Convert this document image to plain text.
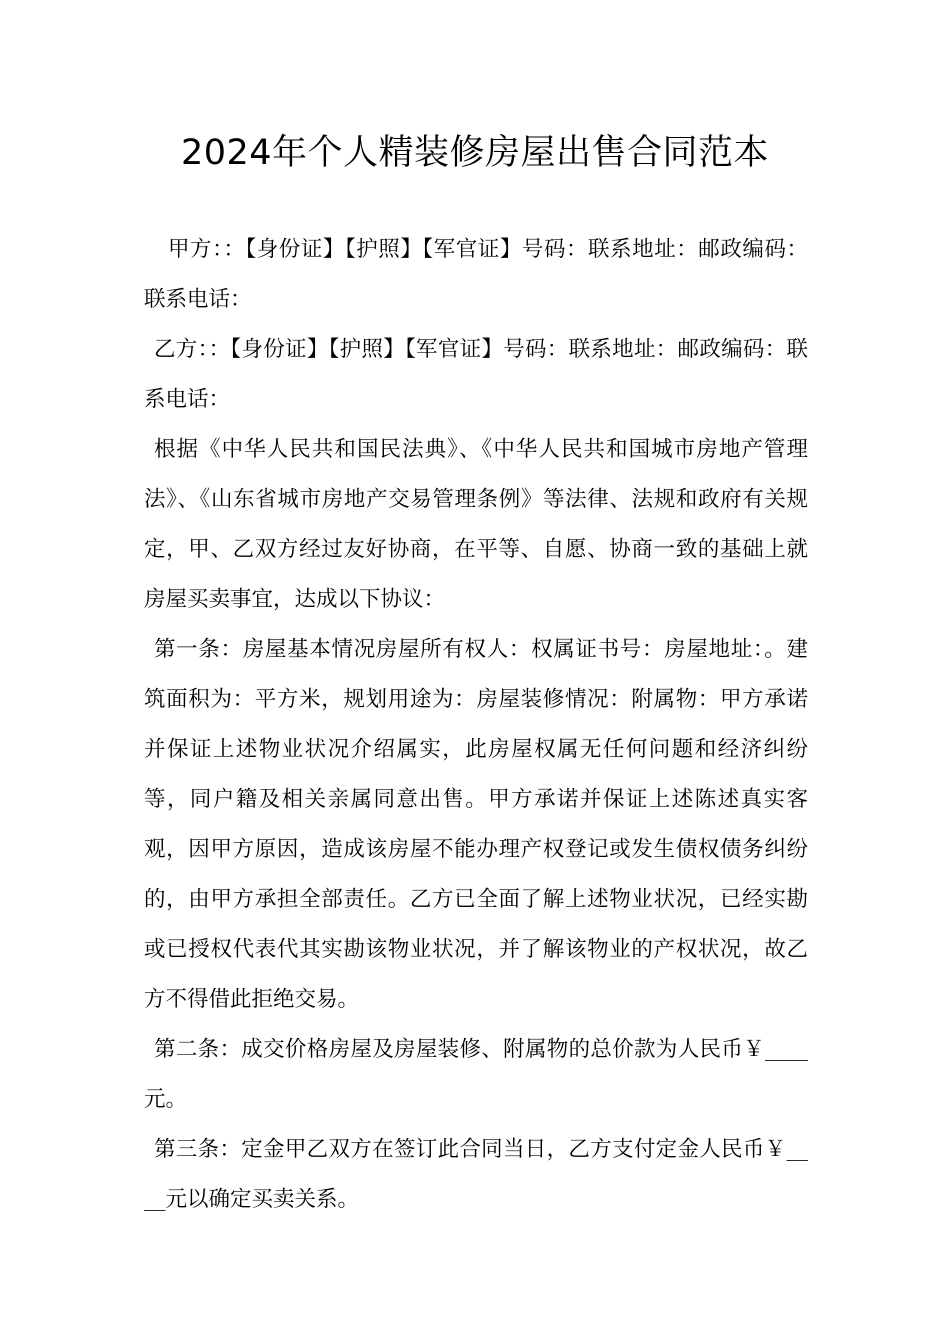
2024年个人精装修房屋出售合同范本

甲方：：【身份证】【护照】【军官证】号码：联系地址：邮政编码：联系电话：

乙方：：【身份证】【护照】【军官证】号码：联系地址：邮政编码：联系电话：

根据《中华人民共和国民法典》、《中华人民共和国城市房地产管理法》、《山东省城市房地产交易管理条例》等法律、法规和政府有关规定，甲、乙双方经过友好协商，在平等、自愿、协商一致的基础上就房屋买卖事宜，达成以下协议：

第一条：房屋基本情况房屋所有权人：权属证书号：房屋地址：。建筑面积为：平方米，规划用途为：房屋装修情况：附属物：甲方承诺并保证上述物业状况介绍属实，此房屋权属无任何问题和经济纠纷等，同户籍及相关亲属同意出售。甲方承诺并保证上述陈述真实客观，因甲方原因，造成该房屋不能办理产权登记或发生债权债务纠纷的，由甲方承担全部责任。乙方已全面了解上述物业状况，已经实勘或已授权代表代其实勘该物业状况，并了解该物业的产权状况，故乙方不得借此拒绝交易。

第二条：成交价格房屋及房屋装修、附属物的总价款为人民币￥____元。

第三条：定金甲乙双方在签订此合同当日，乙方支付定金人民币￥____元以确定买卖关系。
